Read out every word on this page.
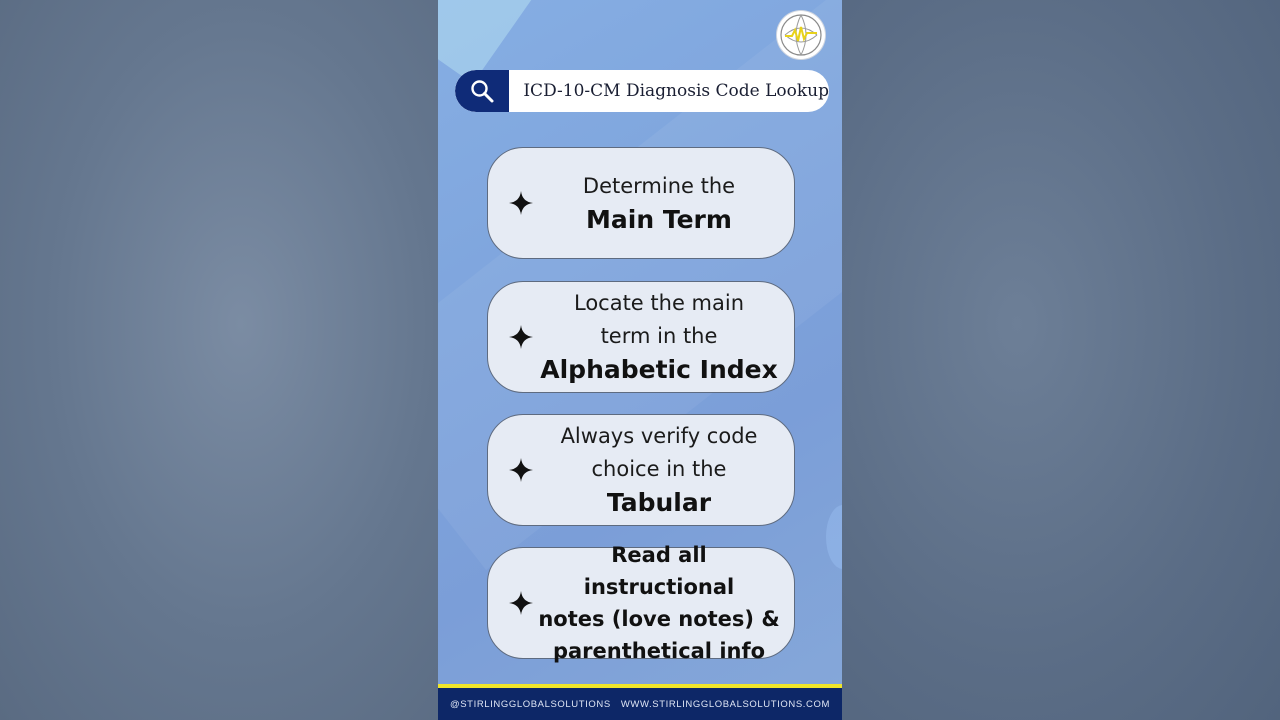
ICD-10-CM Diagnosis Code Lookup
Determine the
Main Term
Locate the main
term in the
Alphabetic Index
Always verify code
choice in the
Tabular
Read all instructional
notes (love notes) &
parenthetical info
@STIRLINGGLOBALSOLUTIONS WWW.STIRLINGGLOBALSOLUTIONS.COM
